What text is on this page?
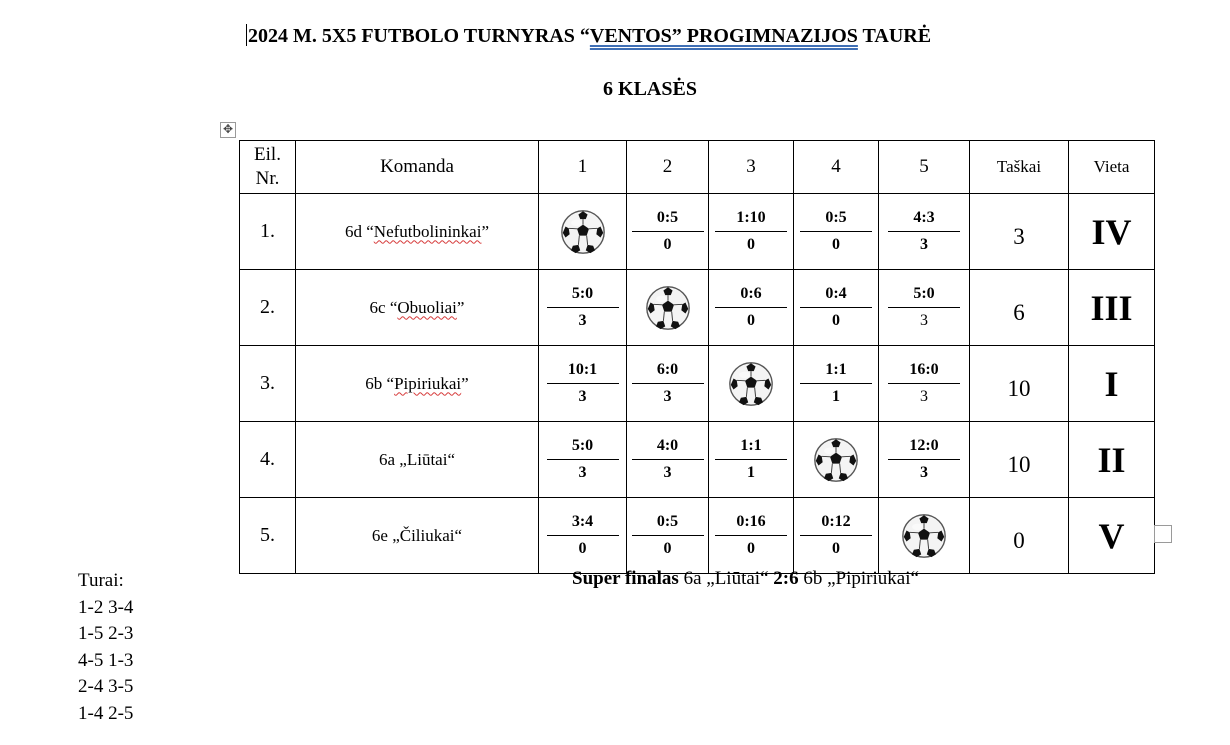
2024 M. 5X5 FUTBOLO TURNYRAS “VENTOS” PROGIMNAZIJOS TAURĖ
6 KLASĖS
✥
Eil. Nr.	Komanda	1	2	3	4	5	Taškai	Vieta
1.	6d “Nefutbolininkai”		$\frac{0:5}{0}$	$\frac{1:10}{0}$	$\frac{0:5}{0}$	$\frac{4:3}{3}$	3	IV
2.	6c “Obuoliai”	$\frac{5:0}{3}$		$\frac{0:6}{0}$	$\frac{0:4}{0}$	$\frac{5:0}{3}$	6	III
3.	6b “Pipiriukai”	$\frac{10:1}{3}$	$\frac{6:0}{3}$		$\frac{1:1}{1}$	$\frac{16:0}{3}$	10	I
4.	6a „Liūtai“	$\frac{5:0}{3}$	$\frac{4:0}{3}$	$\frac{1:1}{1}$		$\frac{12:0}{3}$	10	II
5.	6e „Čiliukai“	$\frac{3:4}{0}$	$\frac{0:5}{0}$	$\frac{0:16}{0}$	$\frac{0:12}{0}$		0	V
Turai:
1-2 3-4
1-5 2-3
4-5 1-3
2-4 3-5
1-4 2-5
Super finalas 6a „Liūtai“ 2:6 6b „Pipiriukai“
